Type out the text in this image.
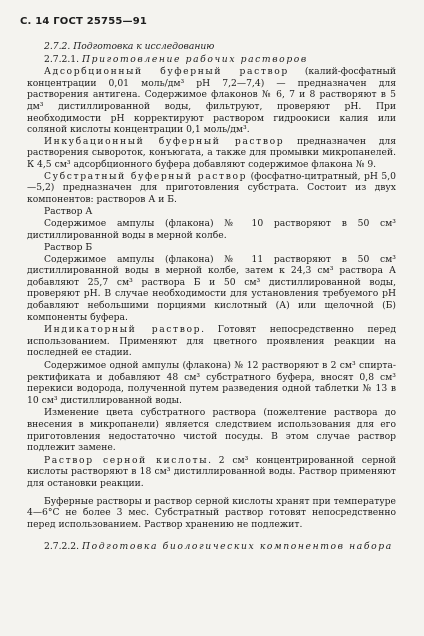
С. 14 ГОСТ 25755—91

2.7.2. Подготовка к исследованию

2.7.2.1. Приготовление рабочих растворов

Адсорбционный буферный раствор (калий-фосфатный концентрации 0,01 моль/дм³ pH 7,2—7,4) — предназначен для растворения антигена. Содержимое флаконов № 6, 7 и 8 растворяют в 5 дм³ дистиллированной воды, фильтруют, проверяют pH. При необходимости pH корректируют раствором гидроокиси калия или соляной кислоты концентрации 0,1 моль/дм³.

Инкубационный буферный раствор предназначен для растворения сывороток, конъюгата, а также для промывки микропанелей. К 4,5 см³ адсорбционного буфера добавляют содержимое флакона № 9.

Субстратный буферный раствор (фосфатно-цитратный, pH 5,0—5,2) предназначен для приготовления субстрата. Состоит из двух компонентов: растворов А и Б.

Раствор А

Содержимое ампулы (флакона) № 10 растворяют в 50 см³ дистиллированной воды в мерной колбе.

Раствор Б

Содержимое ампулы (флакона) № 11 растворяют в 50 см³ дистиллированной воды в мерной колбе, затем к 24,3 см³ раствора А добавляют 25,7 см³ раствора Б и 50 см³ дистиллированной воды, проверяют pH. В случае необходимости для установления требуемого pH добавляют небольшими порциями кислотный (А) или щелочной (Б) компоненты буфера.

Индикаторный раствор. Готовят непосредственно перед использованием. Применяют для цветного проявления реакции на последней ее стадии.

Содержимое одной ампулы (флакона) № 12 растворяют в 2 см³ спирта-ректификата и добавляют 48 см³ субстратного буфера, вносят 0,8 см³ перекиси водорода, полученной путем разведения одной таблетки № 13 в 10 см³ дистиллированной воды.

Изменение цвета субстратного раствора (пожелтение раствора до внесения в микропанели) является следствием использования для его приготовления недостаточно чистой посуды. В этом случае раствор подлежит замене.

Раствор серной кислоты. 2 см³ концентрированной серной кислоты растворяют в 18 см³ дистиллированной воды. Раствор применяют для остановки реакции.

Буферные растворы и раствор серной кислоты хранят при температуре 4—6°С не более 3 мес. Субстратный раствор готовят непосредственно перед использованием. Раствор хранению не подлежит.

2.7.2.2. Подготовка биологических компонентов набора
